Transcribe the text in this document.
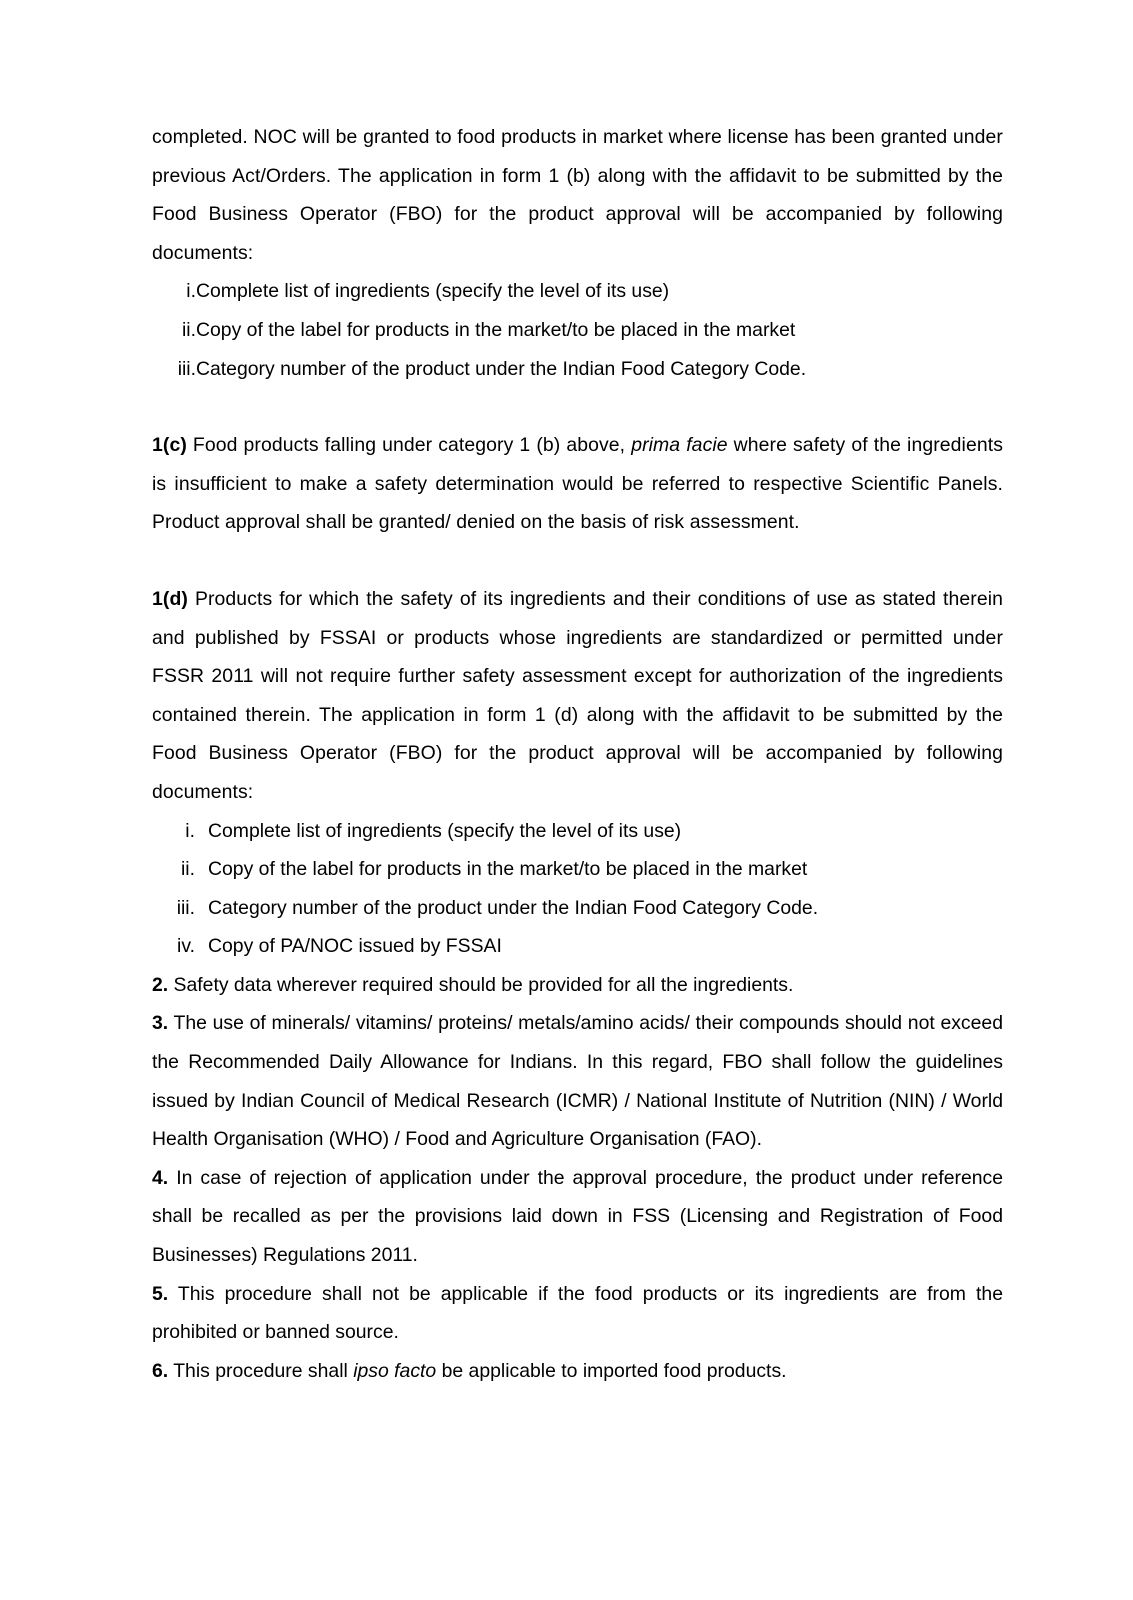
completed. NOC will be granted to food products in market where license has been granted under previous Act/Orders. The application in form 1 (b) along with the affidavit to be submitted by the Food Business Operator (FBO) for the product approval will be accompanied by following documents:

i. Complete list of ingredients (specify the level of its use)
ii. Copy of the label for products in the market/to be placed in the market
iii. Category number of the product under the Indian Food Category Code.

1(c) Food products falling under category 1 (b) above, prima facie where safety of the ingredients is insufficient to make a safety determination would be referred to respective Scientific Panels. Product approval shall be granted/ denied on the basis of risk assessment.

1(d) Products for which the safety of its ingredients and their conditions of use as stated therein and published by FSSAI or products whose ingredients are standardized or permitted under FSSR 2011 will not require further safety assessment except for authorization of the ingredients contained therein. The application in form 1 (d) along with the affidavit to be submitted by the Food Business Operator (FBO) for the product approval will be accompanied by following documents:

i. Complete list of ingredients (specify the level of its use)
ii. Copy of the label for products in the market/to be placed in the market
iii. Category number of the product under the Indian Food Category Code.
iv. Copy of PA/NOC issued by FSSAI

2. Safety data wherever required should be provided for all the ingredients.

3. The use of minerals/ vitamins/ proteins/ metals/amino acids/ their compounds should not exceed the Recommended Daily Allowance for Indians. In this regard, FBO shall follow the guidelines issued by Indian Council of Medical Research (ICMR) / National Institute of Nutrition (NIN) / World Health Organisation (WHO) / Food and Agriculture Organisation (FAO).

4. In case of rejection of application under the approval procedure, the product under reference shall be recalled as per the provisions laid down in FSS (Licensing and Registration of Food Businesses) Regulations 2011.

5. This procedure shall not be applicable if the food products or its ingredients are from the prohibited or banned source.

6. This procedure shall ipso facto be applicable to imported food products.
